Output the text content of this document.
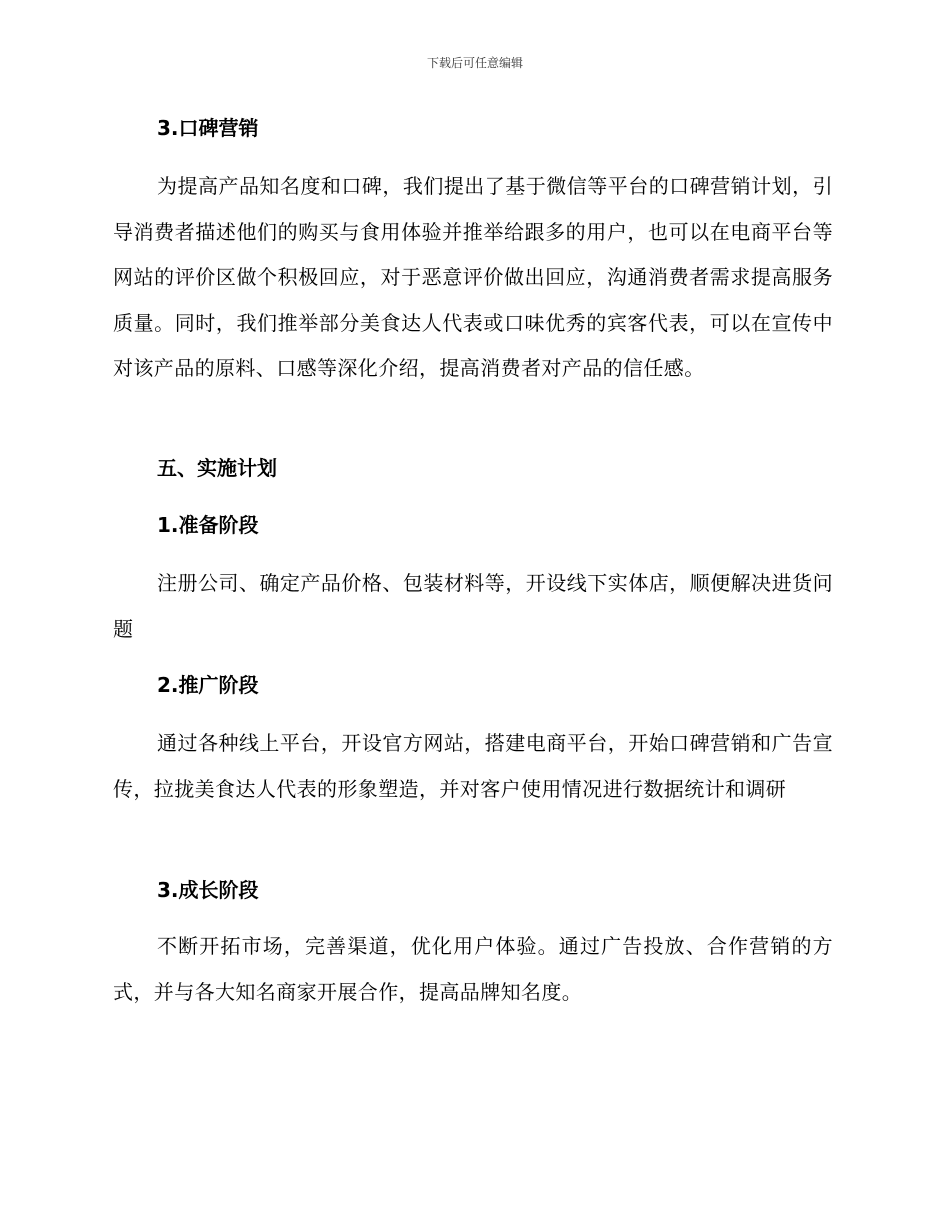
下载后可任意编辑
3.口碑营销
为提高产品知名度和口碑，我们提出了基于微信等平台的口碑营销计划，引导消费者描述他们的购买与食用体验并推举给跟多的用户，也可以在电商平台等网站的评价区做个积极回应，对于恶意评价做出回应，沟通消费者需求提高服务质量。同时，我们推举部分美食达人代表或口味优秀的宾客代表，可以在宣传中对该产品的原料、口感等深化介绍，提高消费者对产品的信任感。
五、实施计划
1.准备阶段
注册公司、确定产品价格、包装材料等，开设线下实体店，顺便解决进货问题
2.推广阶段
通过各种线上平台，开设官方网站，搭建电商平台，开始口碑营销和广告宣传，拉拢美食达人代表的形象塑造，并对客户使用情况进行数据统计和调研
3.成长阶段
不断开拓市场，完善渠道，优化用户体验。通过广告投放、合作营销的方式，并与各大知名商家开展合作，提高品牌知名度。
